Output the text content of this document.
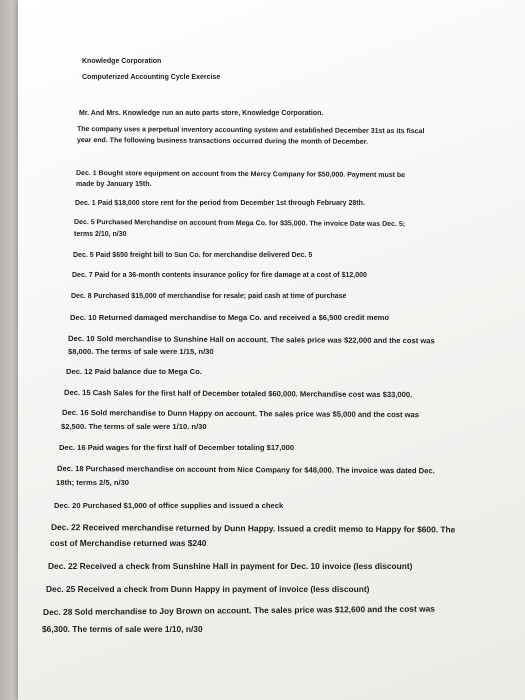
Knowledge Corporation
Computerized Accounting Cycle Exercise
Mr. And Mrs. Knowledge run an auto parts store, Knowledge Corporation.
The company uses a perpetual inventory accounting system and established December 31st as its fiscal
year end. The following business transactions occurred during the month of December.
Dec. 1 Bought store equipment on account from the Mercy Company for $50,000. Payment must be
made by January 15th.
Dec. 1 Paid $18,000 store rent for the period from December 1st through February 28th.
Dec. 5 Purchased Merchandise on account from Mega Co. for $35,000. The invoice Date was Dec. 5;
terms 2/10, n/30
Dec. 5 Paid $650 freight bill to Sun Co. for merchandise delivered Dec. 5
Dec. 7 Paid for a 36-month contents insurance policy for fire damage at a cost of $12,000
Dec. 8 Purchased $15,000 of merchandise for resale; paid cash at time of purchase
Dec. 10 Returned damaged merchandise to Mega Co. and received a $6,500 credit memo
Dec. 10 Sold merchandise to Sunshine Hall on account. The sales price was $22,000 and the cost was
$8,000. The terms of sale were 1/15, n/30
Dec. 12 Paid balance due to Mega Co.
Dec. 15 Cash Sales for the first half of December totaled $60,000. Merchandise cost was $33,000.
Dec. 16 Sold merchandise to Dunn Happy on account. The sales price was $5,000 and the cost was
$2,500. The terms of sale were 1/10. n/30
Dec. 16 Paid wages for the first half of December totaling $17,000
Dec. 18 Purchased merchandise on account from Nice Company for $48,000. The invoice was dated Dec.
18th; terms 2/5, n/30
Dec. 20 Purchased $1,000 of office supplies and issued a check
Dec. 22 Received merchandise returned by Dunn Happy. Issued a credit memo to Happy for $600. The
cost of Merchandise returned was $240
Dec. 22 Received a check from Sunshine Hall in payment for Dec. 10 invoice (less discount)
Dec. 25 Received a check from Dunn Happy in payment of invoice (less discount)
Dec. 28 Sold merchandise to Joy Brown on account. The sales price was $12,600 and the cost was
$6,300. The terms of sale were 1/10, n/30
